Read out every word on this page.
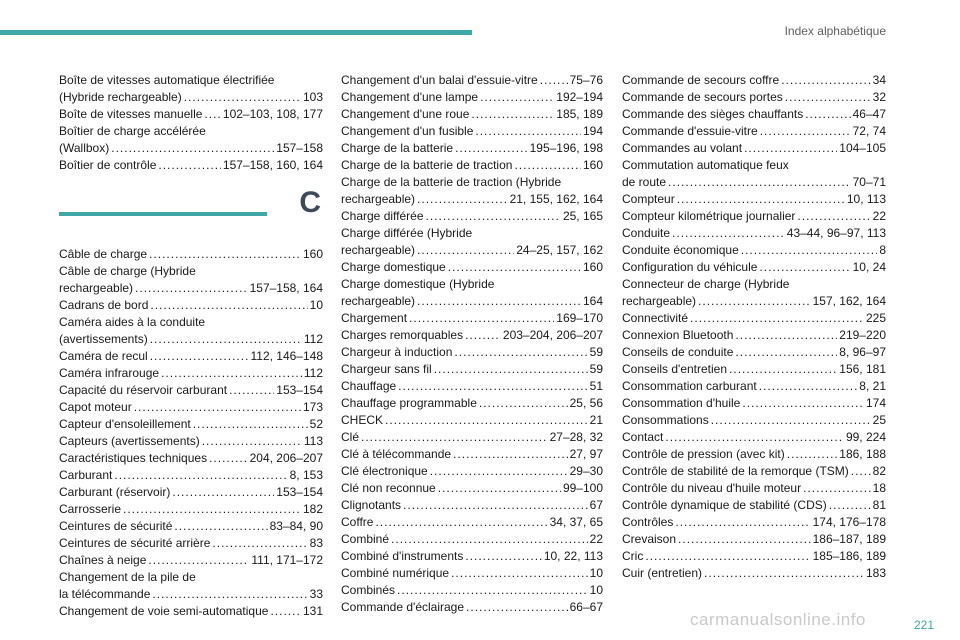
Index alphabétique
Boîte de vitesses automatique électrifiée
(Hybride rechargeable) .....	103
Boîte de vitesses manuelle ..... 102–103, 108, 177
Boîtier de charge accélérée
(Wallbox) .....	157–158
Boîtier de contrôle .....	157–158, 160, 164
C
Câble de charge .....	160
Câble de charge (Hybride
rechargeable) .....	157–158, 164
Cadrans de bord .....	10
Caméra aides à la conduite
(avertissements) .....	112
Caméra de recul .....	112, 146–148
Caméra infrarouge .....	112
Capacité du réservoir carburant .....	153–154
Capot moteur .....	173
Capteur d'ensoleillement .....	52
Capteurs (avertissements) .....	113
Caractéristiques techniques .....	204, 206–207
Carburant .....	8, 153
Carburant (réservoir) .....	153–154
Carrosserie .....	182
Ceintures de sécurité .....	83–84, 90
Ceintures de sécurité arrière .....	83
Chaînes à neige .....	111, 171–172
Changement de la pile de
la télécommande .....	33
Changement de voie semi-automatique .....	131
Changement d'un balai d'essuie-vitre .....	75–76
Changement d'une lampe .....	192–194
Changement d'une roue .....	185, 189
Changement d'un fusible .....	194
Charge de la batterie .....	195–196, 198
Charge de la batterie de traction .....	160
Charge de la batterie de traction (Hybride
rechargeable) .....	21, 155, 162, 164
Charge différée .....	25, 165
Charge différée (Hybride
rechargeable) .....	24–25, 157, 162
Charge domestique .....	160
Charge domestique (Hybride
rechargeable) .....	164
Chargement .....	169–170
Charges remorquables .....	203–204, 206–207
Chargeur à induction .....	59
Chargeur sans fil .....	59
Chauffage .....	51
Chauffage programmable .....	25, 56
CHECK .....	21
Clé .....	27–28, 32
Clé à télécommande .....	27, 97
Clé électronique .....	29–30
Clé non reconnue .....	99–100
Clignotants .....	67
Coffre .....	34, 37, 65
Combiné .....	22
Combiné d'instruments .....	10, 22, 113
Combiné numérique .....	10
Combinés .....	10
Commande d'éclairage .....	66–67
Commande de secours coffre .....	34
Commande de secours portes .....	32
Commande des sièges chauffants .....	46–47
Commande d'essuie-vitre .....	72, 74
Commandes au volant .....	104–105
Commutation automatique feux
de route .....	70–71
Compteur .....	10, 113
Compteur kilométrique journalier .....	22
Conduite .....	43–44, 96–97, 113
Conduite économique .....	8
Configuration du véhicule .....	10, 24
Connecteur de charge (Hybride
rechargeable) .....	157, 162, 164
Connectivité .....	225
Connexion Bluetooth .....	219–220
Conseils de conduite .....	8, 96–97
Conseils d'entretien .....	156, 181
Consommation carburant .....	8, 21
Consommation d'huile .....	174
Consommations .....	25
Contact .....	99, 224
Contrôle de pression (avec kit) .....	186, 188
Contrôle de stabilité de la remorque (TSM) ..... 82
Contrôle du niveau d'huile moteur .....	18
Contrôle dynamique de stabilité (CDS) .....	81
Contrôles .....	174, 176–178
Crevaison .....	186–187, 189
Cric .....	185–186, 189
Cuir (entretien) .....	183
carmanualsonline.info	221
